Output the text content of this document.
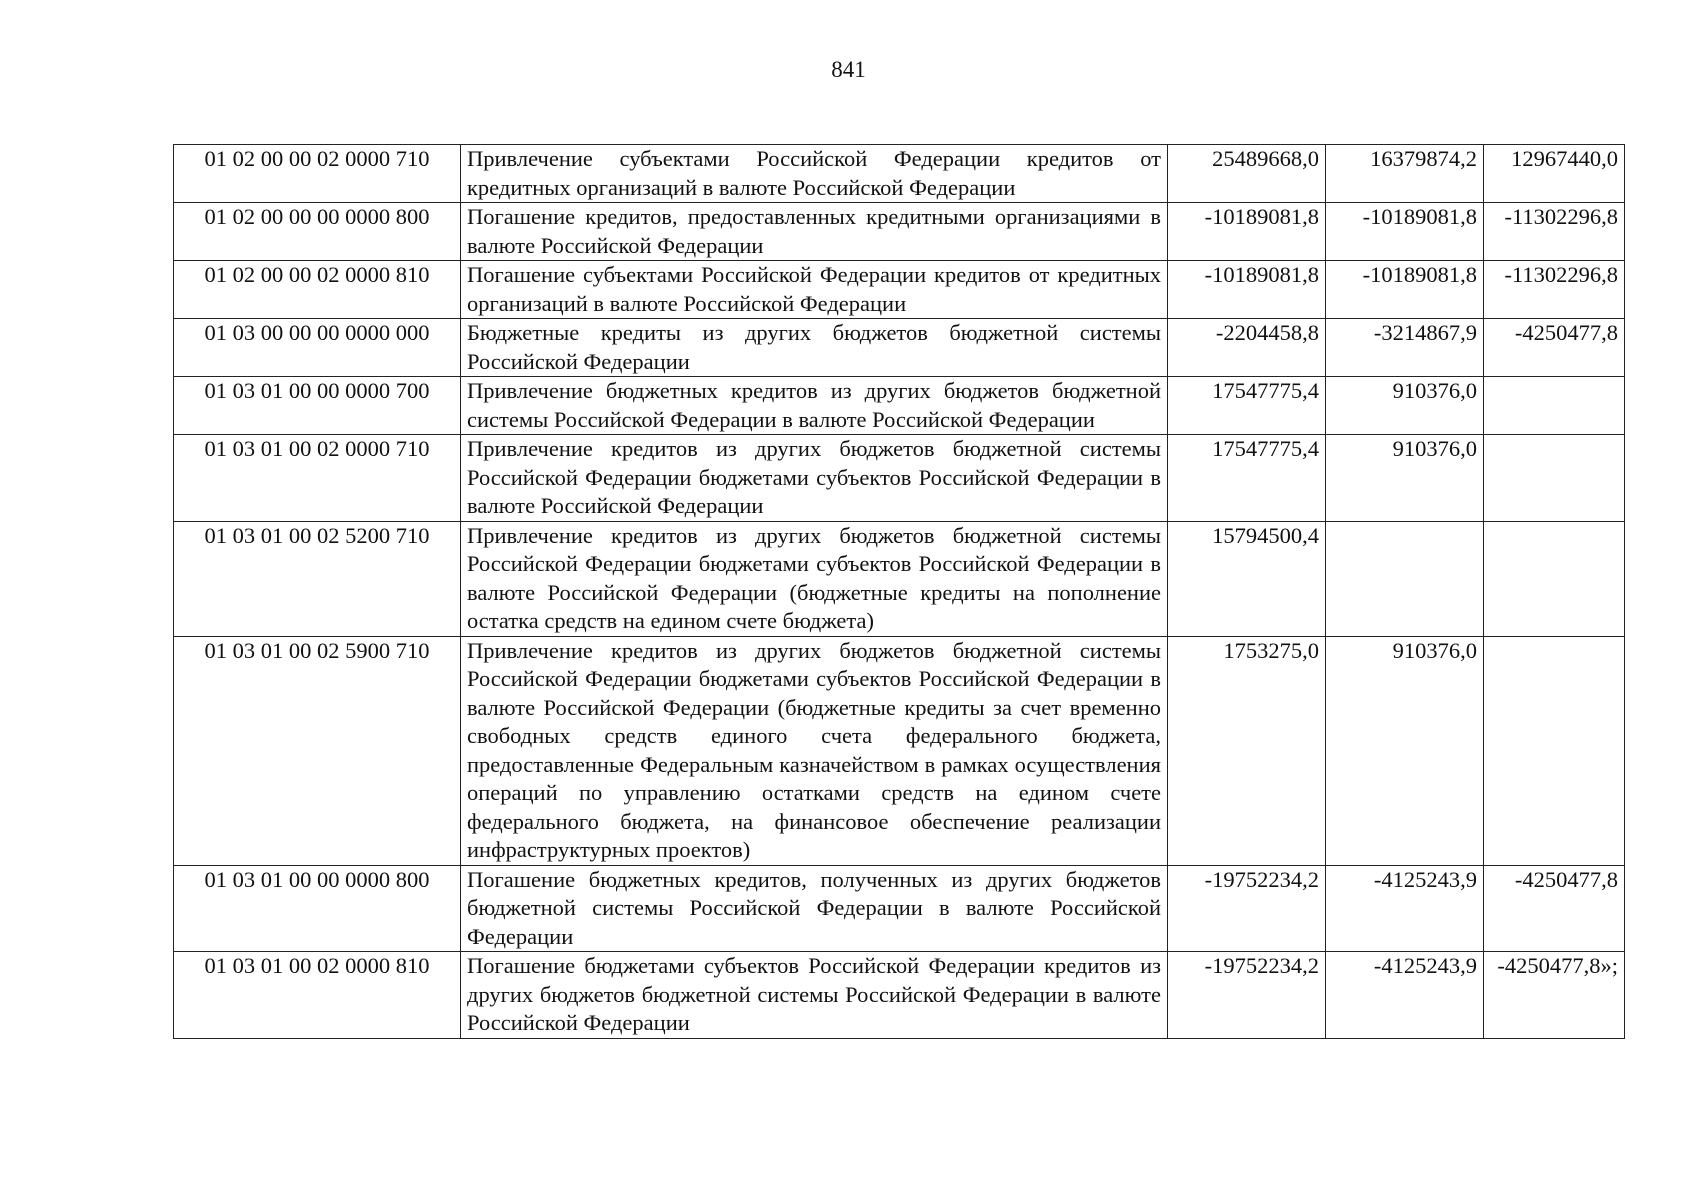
841
01 02 00 00 02 0000 710	Привлечение субъектами Российской Федерации кредитов от кредитных организаций в валюте Российской Федерации	25489668,0	16379874,2	12967440,0
01 02 00 00 00 0000 800	Погашение кредитов, предоставленных кредитными организациями в валюте Российской Федерации	-10189081,8	-10189081,8	-11302296,8
01 02 00 00 02 0000 810	Погашение субъектами Российской Федерации кредитов от кредитных организаций в валюте Российской Федерации	-10189081,8	-10189081,8	-11302296,8
01 03 00 00 00 0000 000	Бюджетные кредиты из других бюджетов бюджетной системы Российской Федерации	-2204458,8	-3214867,9	-4250477,8
01 03 01 00 00 0000 700	Привлечение бюджетных кредитов из других бюджетов бюджетной системы Российской Федерации в валюте Российской Федерации	17547775,4	910376,0	
01 03 01 00 02 0000 710	Привлечение кредитов из других бюджетов бюджетной системы Российской Федерации бюджетами субъектов Российской Федерации в валюте Российской Федерации	17547775,4	910376,0	
01 03 01 00 02 5200 710	Привлечение кредитов из других бюджетов бюджетной системы Российской Федерации бюджетами субъектов Российской Федерации в валюте Российской Федерации (бюджетные кредиты на пополнение остатка средств на едином счете бюджета)	15794500,4		
01 03 01 00 02 5900 710	Привлечение кредитов из других бюджетов бюджетной системы Российской Федерации бюджетами субъектов Российской Федерации в валюте Российской Федерации (бюджетные кредиты за счет временно свободных средств единого счета федерального бюджета, предоставленные Федеральным казначейством в рамках осуществления операций по управлению остатками средств на едином счете федерального бюджета, на финансовое обеспечение реализации инфраструктурных проектов)	1753275,0	910376,0	
01 03 01 00 00 0000 800	Погашение бюджетных кредитов, полученных из других бюджетов бюджетной системы Российской Федерации в валюте Российской Федерации	-19752234,2	-4125243,9	-4250477,8
01 03 01 00 02 0000 810	Погашение бюджетами субъектов Российской Федерации кредитов из других бюджетов бюджетной системы Российской Федерации в валюте Российской Федерации	-19752234,2	-4125243,9	-4250477,8»;
